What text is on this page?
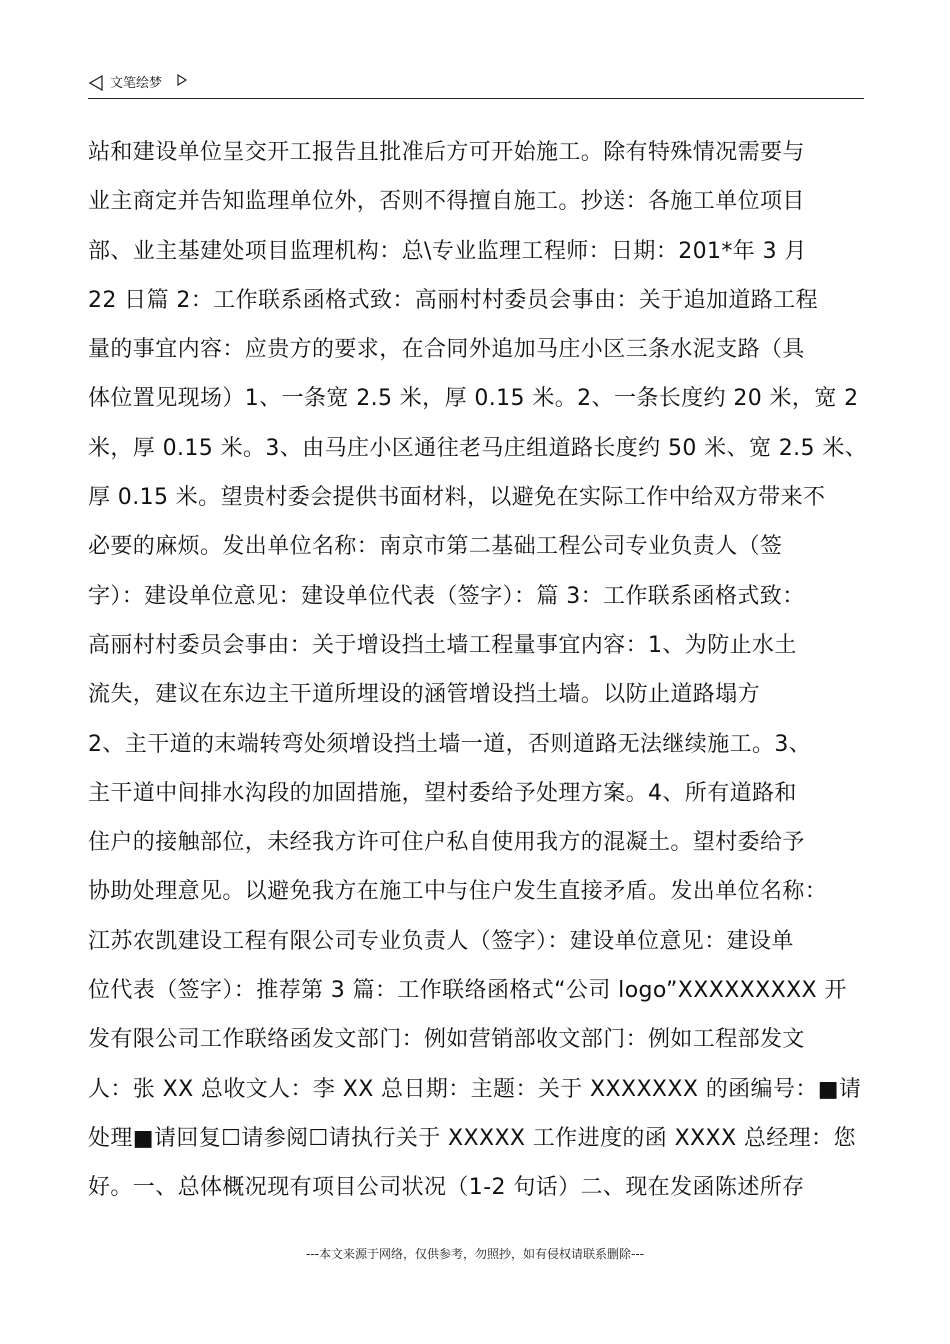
文笔绘梦
站和建设单位呈交开工报告且批准后方可开始施工。除有特殊情况需要与
业主商定并告知监理单位外，否则不得擅自施工。抄送：各施工单位项目
部、业主基建处项目监理机构：总\专业监理工程师：日期：201*年 3 月
22 日篇 2：工作联系函格式致：高丽村村委员会事由：关于追加道路工程
量的事宜内容：应贵方的要求，在合同外追加马庄小区三条水泥支路（具
体位置见现场）1、一条宽 2.5 米，厚 0.15 米。2、一条长度约 20 米，宽 2
米，厚 0.15 米。3、由马庄小区通往老马庄组道路长度约 50 米、宽 2.5 米、
厚 0.15 米。望贵村委会提供书面材料，以避免在实际工作中给双方带来不
必要的麻烦。发出单位名称：南京市第二基础工程公司专业负责人（签
字）：建设单位意见：建设单位代表（签字）：篇 3：工作联系函格式致：
高丽村村委员会事由：关于增设挡土墙工程量事宜内容：1、为防止水土
流失，建议在东边主干道所埋设的涵管增设挡土墙。以防止道路塌方
2、主干道的末端转弯处须增设挡土墙一道，否则道路无法继续施工。3、
主干道中间排水沟段的加固措施，望村委给予处理方案。4、所有道路和
住户的接触部位，未经我方许可住户私自使用我方的混凝土。望村委给予
协助处理意见。以避免我方在施工中与住户发生直接矛盾。发出单位名称：
江苏农凯建设工程有限公司专业负责人（签字）：建设单位意见：建设单
位代表（签字）：推荐第 3 篇：工作联络函格式“公司 logo”XXXXXXXXX 开
发有限公司工作联络函发文部门：例如营销部收文部门：例如工程部发文
人：张 XX 总收文人：李 XX 总日期：主题：关于 XXXXXXX 的函编号：■请
处理■请回复☐请参阅☐请执行关于 XXXXX 工作进度的函 XXXX 总经理：您
好。一、总体概况现有项目公司状况（1-2 句话）二、现在发函陈述所存
---本文来源于网络，仅供参考，勿照抄，如有侵权请联系删除---
